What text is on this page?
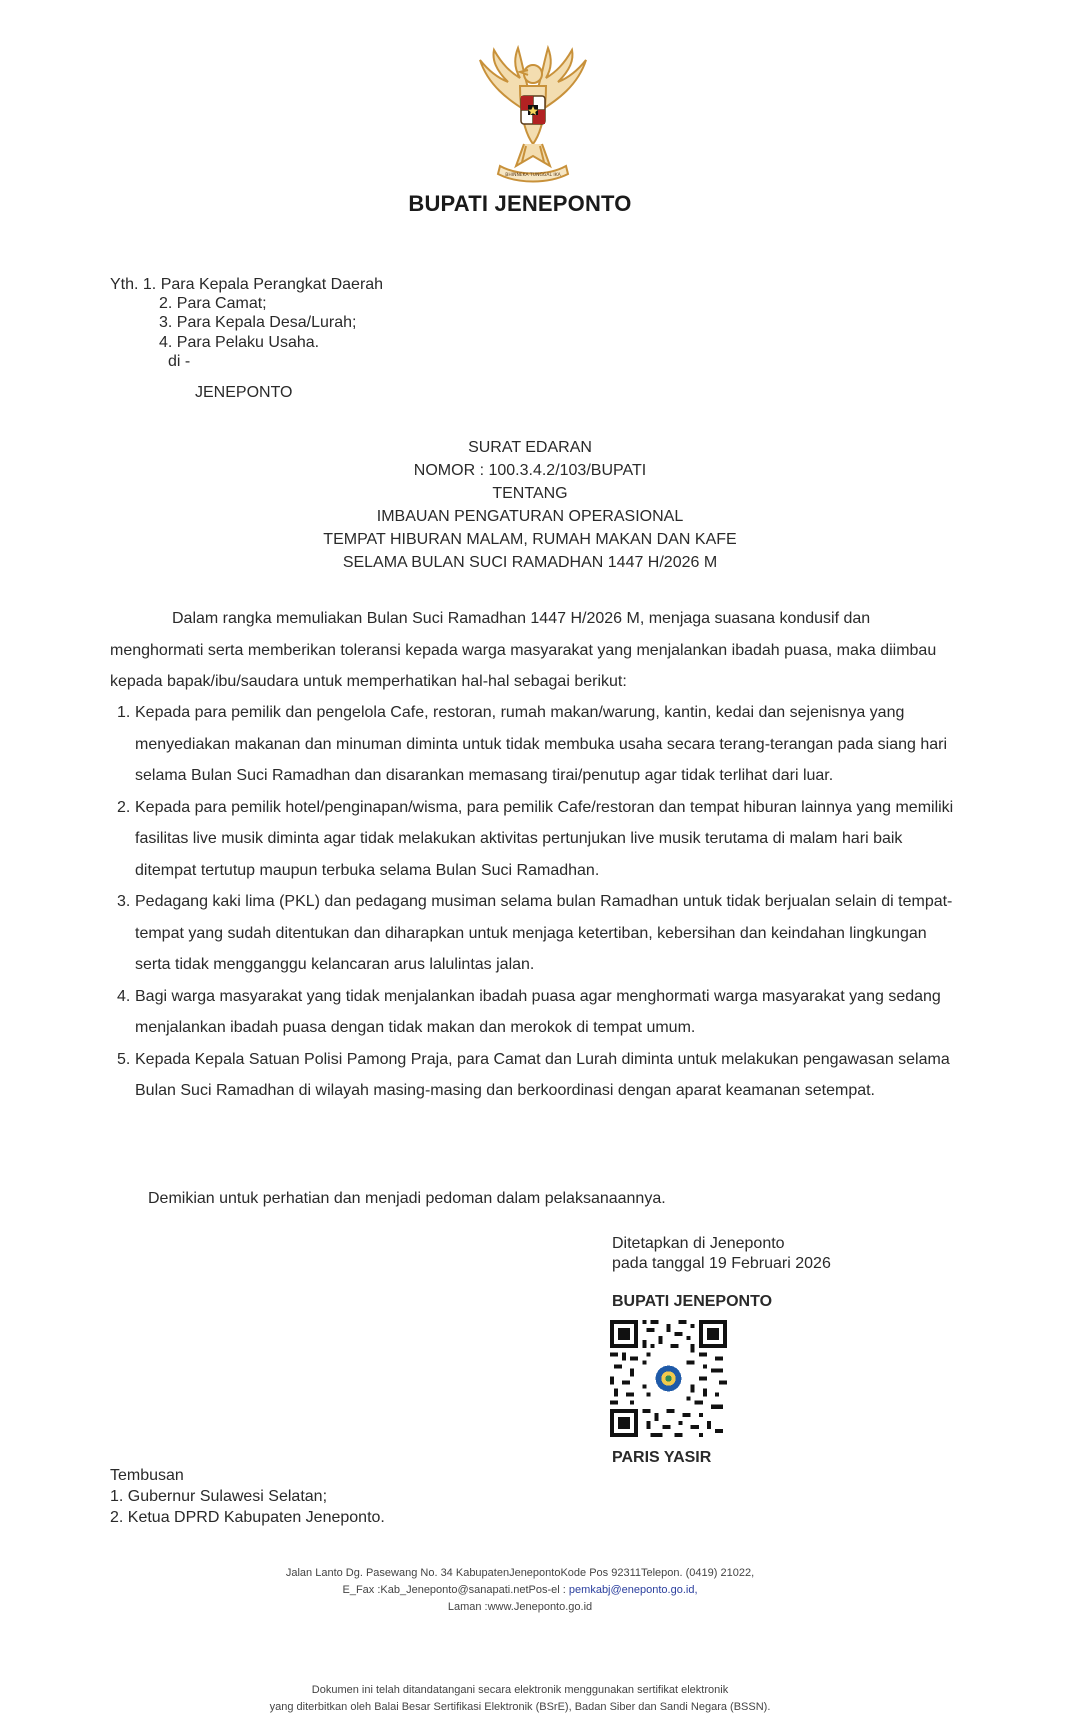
BHINNEKA TUNGGAL IKA
BUPATI JENEPONTO
Yth. 1. Para Kepala Perangkat Daerah
2. Para Camat;
3. Para Kepala Desa/Lurah;
4. Para Pelaku Usaha.
di -
JENEPONTO
SURAT EDARAN
NOMOR : 100.3.4.2/103/BUPATI
TENTANG
IMBAUAN PENGATURAN OPERASIONAL
TEMPAT HIBURAN MALAM, RUMAH MAKAN DAN KAFE
SELAMA BULAN SUCI RAMADHAN 1447 H/2026 M
Dalam rangka memuliakan Bulan Suci Ramadhan 1447 H/2026 M, menjaga suasana kondusif dan menghormati serta memberikan toleransi kepada warga masyarakat yang menjalankan ibadah puasa, maka diimbau kepada bapak/ibu/saudara untuk memperhatikan hal-hal sebagai berikut:
1. Kepada para pemilik dan pengelola Cafe, restoran, rumah makan/warung, kantin, kedai dan sejenisnya yang menyediakan makanan dan minuman diminta untuk tidak membuka usaha secara terang-terangan pada siang hari selama Bulan Suci Ramadhan dan disarankan memasang tirai/penutup agar tidak terlihat dari luar.
2. Kepada para pemilik hotel/penginapan/wisma, para pemilik Cafe/restoran dan tempat hiburan lainnya yang memiliki fasilitas live musik diminta agar tidak melakukan aktivitas pertunjukan live musik terutama di malam hari baik ditempat tertutup maupun terbuka selama Bulan Suci Ramadhan.
3. Pedagang kaki lima (PKL) dan pedagang musiman selama bulan Ramadhan untuk tidak berjualan selain di tempat-tempat yang sudah ditentukan dan diharapkan untuk menjaga ketertiban, kebersihan dan keindahan lingkungan serta tidak mengganggu kelancaran arus lalulintas jalan.
4. Bagi warga masyarakat yang tidak menjalankan ibadah puasa agar menghormati warga masyarakat yang sedang menjalankan ibadah puasa dengan tidak makan dan merokok di tempat umum.
5. Kepada Kepala Satuan Polisi Pamong Praja, para Camat dan Lurah diminta untuk melakukan pengawasan selama Bulan Suci Ramadhan di wilayah masing-masing dan berkoordinasi dengan aparat keamanan setempat.
Demikian untuk perhatian dan menjadi pedoman dalam pelaksanaannya.
Ditetapkan di Jeneponto
pada tanggal 19 Februari 2026
BUPATI JENEPONTO
PARIS YASIR
Tembusan
1. Gubernur Sulawesi Selatan;
2. Ketua DPRD Kabupaten Jeneponto.
Jalan Lanto Dg. Pasewang No. 34 KabupatenJenepontoKode Pos 92311Telepon. (0419) 21022,
E_Fax :Kab_Jeneponto@sanapati.netPos-el : pemkabj@eneponto.go.id,
Laman :www.Jeneponto.go.id
Dokumen ini telah ditandatangani secara elektronik menggunakan sertifikat elektronik
yang diterbitkan oleh Balai Besar Sertifikasi Elektronik (BSrE), Badan Siber dan Sandi Negara (BSSN).
